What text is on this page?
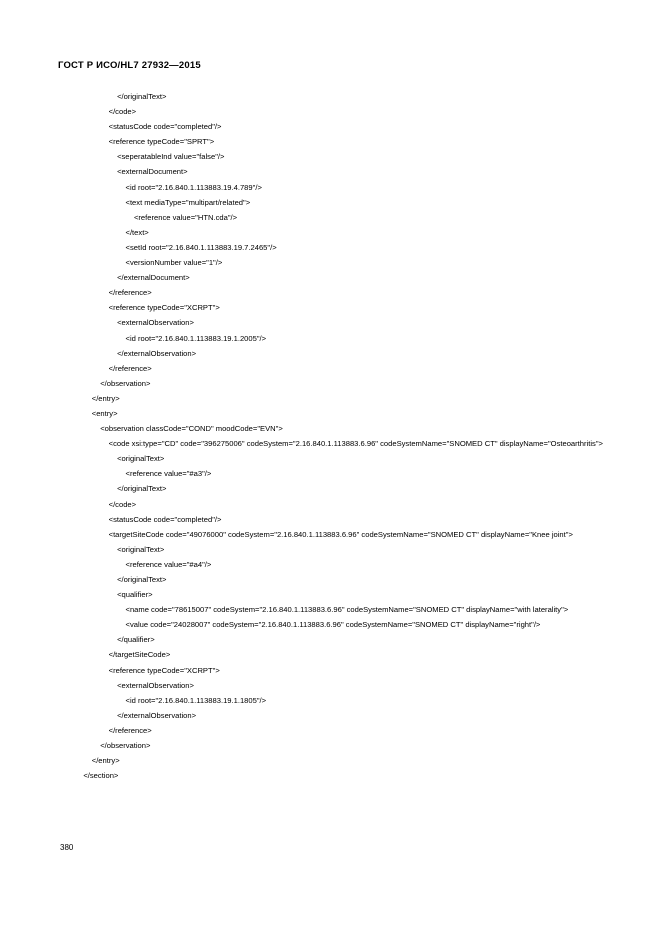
ГОСТ Р ИСО/HL7 27932—2015
</originalText>
</code>
<statusCode code="completed"/>
<reference typeCode="SPRT">
<seperatableInd value="false"/>
<externalDocument>
<id root="2.16.840.1.113883.19.4.789"/>
<text mediaType="multipart/related">
<reference value="HTN.cda"/>
</text>
<setId root="2.16.840.1.113883.19.7.2465"/>
<versionNumber value="1"/>
</externalDocument>
</reference>
<reference typeCode="XCRPT">
<externalObservation>
<id root="2.16.840.1.113883.19.1.2005"/>
</externalObservation>
</reference>
</observation>
</entry>
<entry>
<observation classCode="COND" moodCode="EVN">
<code xsi:type="CD" code="396275006" codeSystem="2.16.840.1.113883.6.96" codeSystemName="SNOMED CT" displayName="Osteoarthritis">
<originalText>
<reference value="#a3"/>
</originalText>
</code>
<statusCode code="completed"/>
<targetSiteCode code="49076000" codeSystem="2.16.840.1.113883.6.96" codeSystemName="SNOMED CT" displayName="Knee joint">
<originalText>
<reference value="#a4"/>
</originalText>
<qualifier>
<name code="78615007" codeSystem="2.16.840.1.113883.6.96" codeSystemName="SNOMED CT" displayName="with laterality">
<value code="24028007" codeSystem="2.16.840.1.113883.6.96" codeSystemName="SNOMED CT" displayName="right"/>
</qualifier>
</targetSiteCode>
<reference typeCode="XCRPT">
<externalObservation>
<id root="2.16.840.1.113883.19.1.1805"/>
</externalObservation>
</reference>
</observation>
</entry>
</section>
380
